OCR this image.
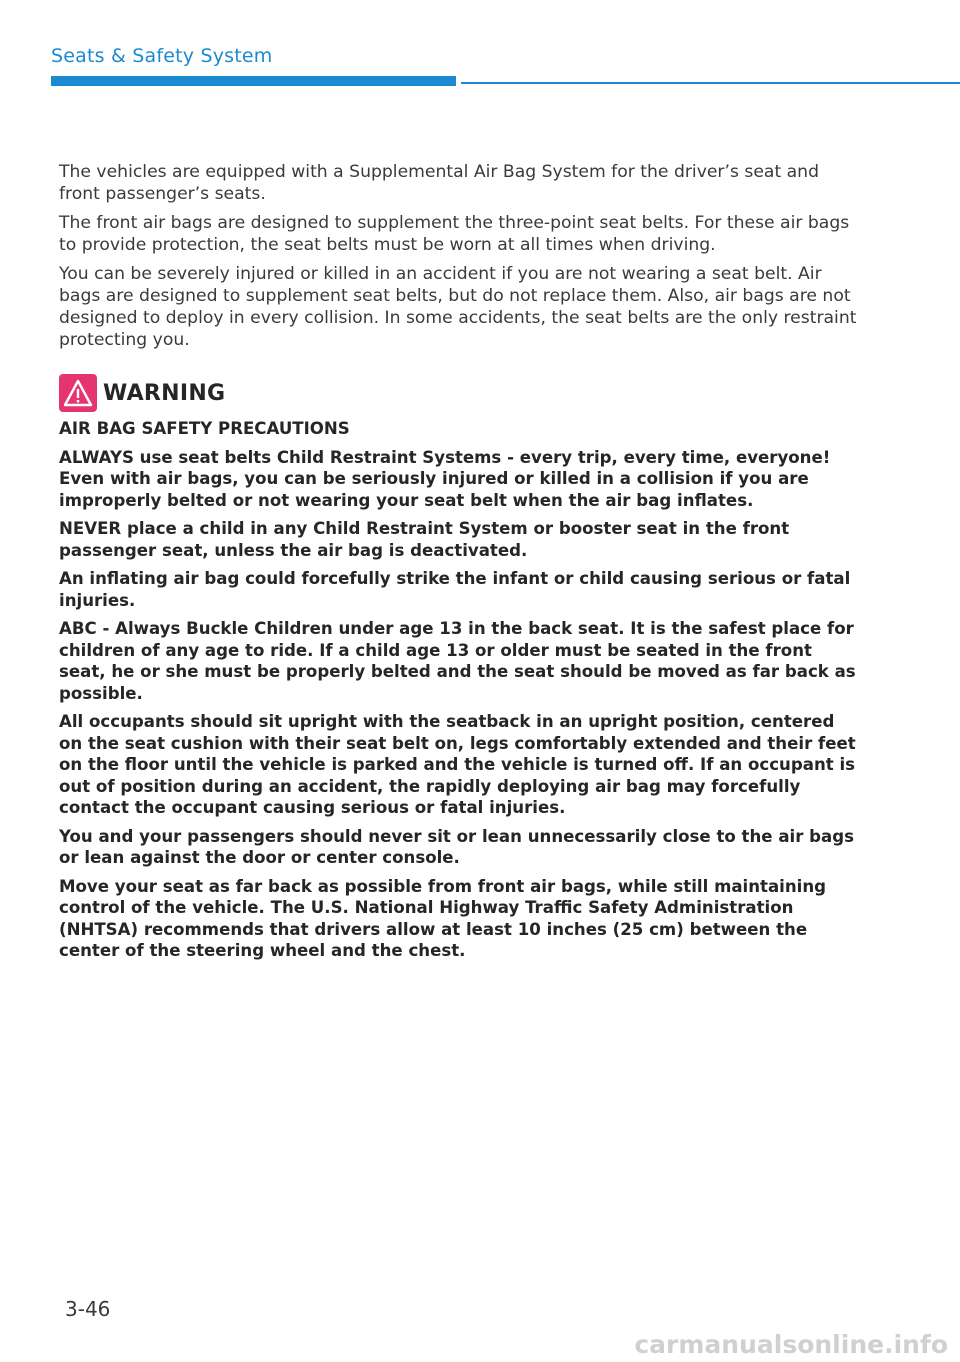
Seats & Safety System

The vehicles are equipped with a Supplemental Air Bag System for the driver’s seat and front passenger’s seats.

The front air bags are designed to supplement the three-point seat belts. For these air bags to provide protection, the seat belts must be worn at all times when driving.

You can be severely injured or killed in an accident if you are not wearing a seat belt. Air bags are designed to supplement seat belts, but do not replace them. Also, air bags are not designed to deploy in every collision. In some accidents, the seat belts are the only restraint protecting you.

WARNING

AIR BAG SAFETY PRECAUTIONS

ALWAYS use seat belts Child Restraint Systems - every trip, every time, everyone! Even with air bags, you can be seriously injured or killed in a collision if you are improperly belted or not wearing your seat belt when the air bag inflates.

NEVER place a child in any Child Restraint System or booster seat in the front passenger seat, unless the air bag is deactivated.

An inflating air bag could forcefully strike the infant or child causing serious or fatal injuries.

ABC - Always Buckle Children under age 13 in the back seat. It is the safest place for children of any age to ride. If a child age 13 or older must be seated in the front seat, he or she must be properly belted and the seat should be moved as far back as possible.

All occupants should sit upright with the seatback in an upright position, centered on the seat cushion with their seat belt on, legs comfortably extended and their feet on the floor until the vehicle is parked and the vehicle is turned off. If an occupant is out of position during an accident, the rapidly deploying air bag may forcefully contact the occupant causing serious or fatal injuries.

You and your passengers should never sit or lean unnecessarily close to the air bags or lean against the door or center console.

Move your seat as far back as possible from front air bags, while still maintaining control of the vehicle. The U.S. National Highway Traffic Safety Administration (NHTSA) recommends that drivers allow at least 10 inches (25 cm) between the center of the steering wheel and the chest.

3-46
carmanualsonline.info
